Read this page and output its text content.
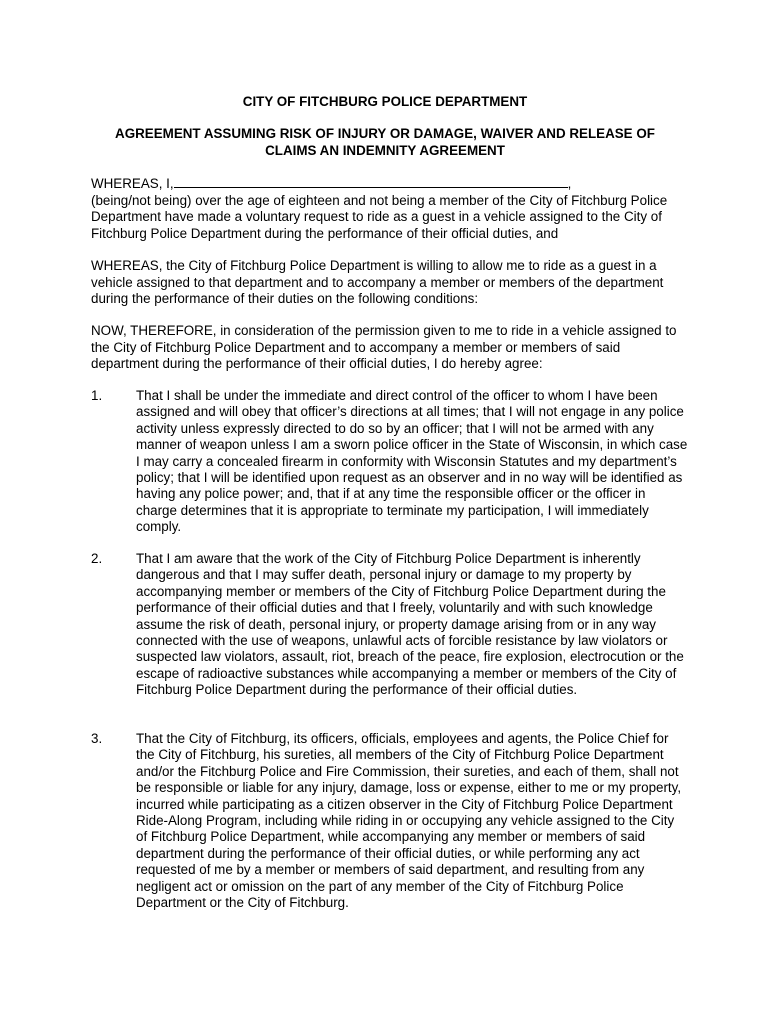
CITY OF FITCHBURG POLICE DEPARTMENT
AGREEMENT ASSUMING RISK OF INJURY OR DAMAGE, WAIVER AND RELEASE OF CLAIMS AN INDEMNITY AGREEMENT

WHEREAS, I,	,
(being/not being) over the age of eighteen and not being a member of the City of Fitchburg Police Department have made a voluntary request to ride as a guest in a vehicle assigned to the City of Fitchburg Police Department during the performance of their official duties, and

WHEREAS, the City of Fitchburg Police Department is willing to allow me to ride as a guest in a vehicle assigned to that department and to accompany a member or members of the department during the performance of their duties on the following conditions:

NOW, THEREFORE, in consideration of the permission given to me to ride in a vehicle assigned to the City of Fitchburg Police Department and to accompany a member or members of said department during the performance of their official duties, I do hereby agree:

1.	That I shall be under the immediate and direct control of the officer to whom I have been assigned and will obey that officer’s directions at all times; that I will not engage in any police activity unless expressly directed to do so by an officer; that I will not be armed with any manner of weapon unless I am a sworn police officer in the State of Wisconsin, in which case I may carry a concealed firearm in conformity with Wisconsin Statutes and my department’s policy; that I will be identified upon request as an observer and in no way will be identified as having any police power; and, that if at any time the responsible officer or the officer in charge determines that it is appropriate to terminate my participation, I will immediately comply.
2.	That I am aware that the work of the City of Fitchburg Police Department is inherently dangerous and that I may suffer death, personal injury or damage to my property by accompanying member or members of the City of Fitchburg Police Department during the performance of their official duties and that I freely, voluntarily and with such knowledge assume the risk of death, personal injury, or property damage arising from or in any way connected with the use of weapons, unlawful acts of forcible resistance by law violators or suspected law violators, assault, riot, breach of the peace, fire explosion, electrocution or the escape of radioactive substances while accompanying a member or members of the City of Fitchburg Police Department during the performance of their official duties.
3.	That the City of Fitchburg, its officers, officials, employees and agents, the Police Chief for the City of Fitchburg, his sureties, all members of the City of Fitchburg Police Department and/or the Fitchburg Police and Fire Commission, their sureties, and each of them, shall not be responsible or liable for any injury, damage, loss or expense, either to me or my property, incurred while participating as a citizen observer in the City of Fitchburg Police Department Ride-Along Program, including while riding in or occupying any vehicle assigned to the City of Fitchburg Police Department, while accompanying any member or members of said department during the performance of their official duties, or while performing any act requested of me by a member or members of said department, and resulting from any negligent act or omission on the part of any member of the City of Fitchburg Police Department or the City of Fitchburg.
